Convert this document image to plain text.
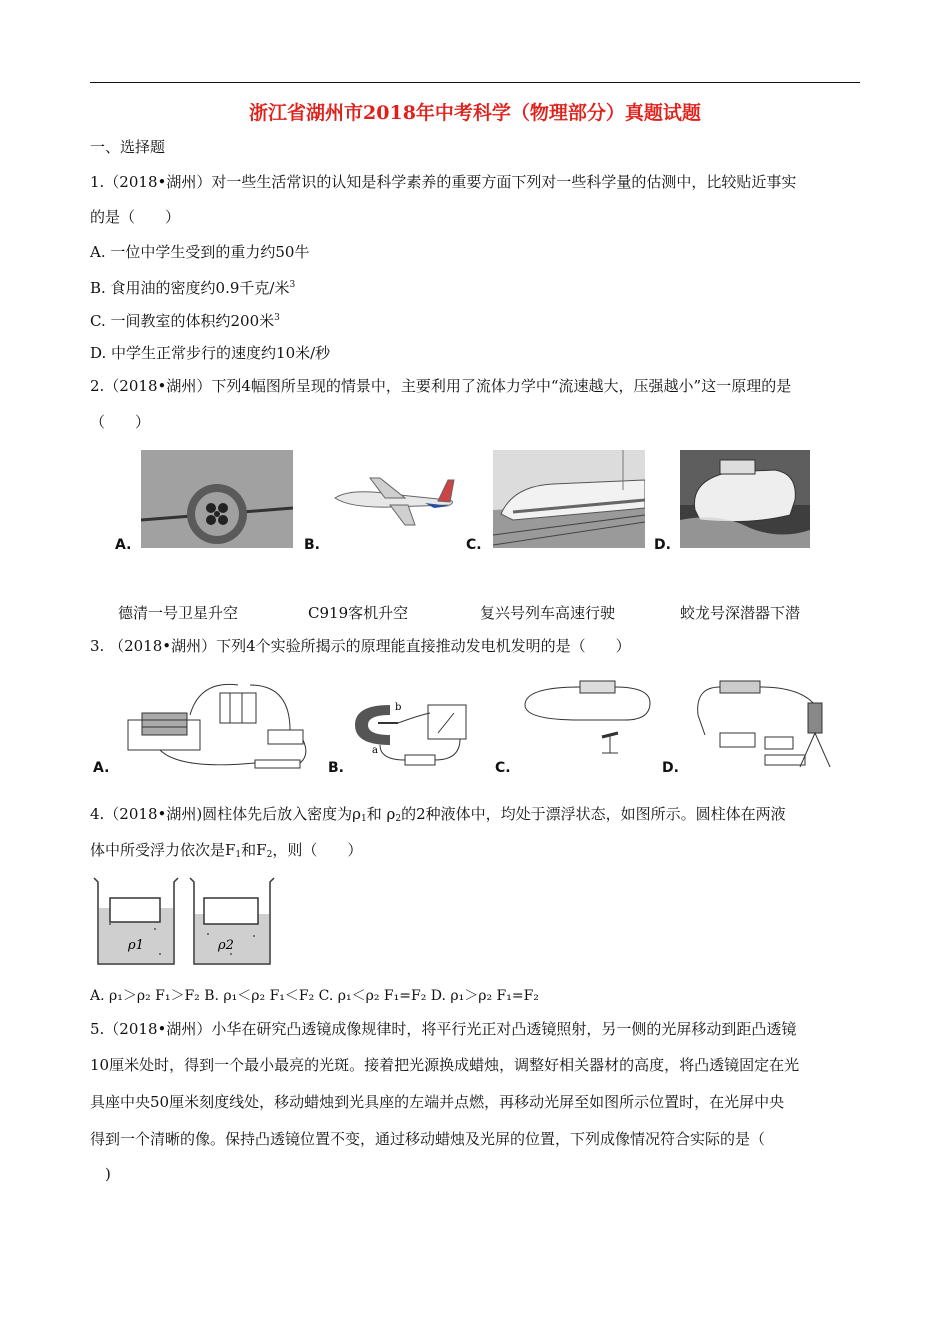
浙江省湖州市2018年中考科学（物理部分）真题试题
一、选择题
1.（2018•湖州）对一些生活常识的认知是科学素养的重要方面下列对一些科学量的估测中，比较贴近事实
的是（　　）
A. 一位中学生受到的重力约50牛
B. 食用油的密度约0.9千克/米$^3$
C. 一间教室的体积约200米$^3$
D. 中学生正常步行的速度约10米/秒
2.（2018•湖州）下列4幅图所呈现的情景中，主要利用了流体力学中“流速越大，压强越小”这一原理的是
（　　）
A.	B.	C.	D.
德清一号卫星升空	C919客机升空	复兴号列车高速行驶	蛟龙号深潜器下潜
3. （2018•湖州）下列4个实验所揭示的原理能直接推动发电机发明的是（　　）
A.
a
b
B.	C.	D.
4.（2018•湖州)圆柱体先后放入密度为$\rho_1$和 $\rho_2$的2种液体中，均处于漂浮状态，如图所示。圆柱体在两液
体中所受浮力依次是$F_1$和$F_2$，则（　　）
ρ1	ρ2
A. ρ₁＞ρ₂ F₁＞F₂ B. ρ₁＜ρ₂ F₁＜F₂ C. ρ₁＜ρ₂ F₁=F₂ D. ρ₁＞ρ₂ F₁=F₂
5.（2018•湖州）小华在研究凸透镜成像规律时，将平行光正对凸透镜照射，另一侧的光屏移动到距凸透镜
10厘米处时，得到一个最小最亮的光斑。接着把光源换成蜡烛，调整好相关器材的高度，将凸透镜固定在光
具座中央50厘米刻度线处，移动蜡烛到光具座的左端并点燃，再移动光屏至如图所示位置时，在光屏中央
得到一个清晰的像。保持凸透镜位置不变，通过移动蜡烛及光屏的位置，下列成像情况符合实际的是（
　)
